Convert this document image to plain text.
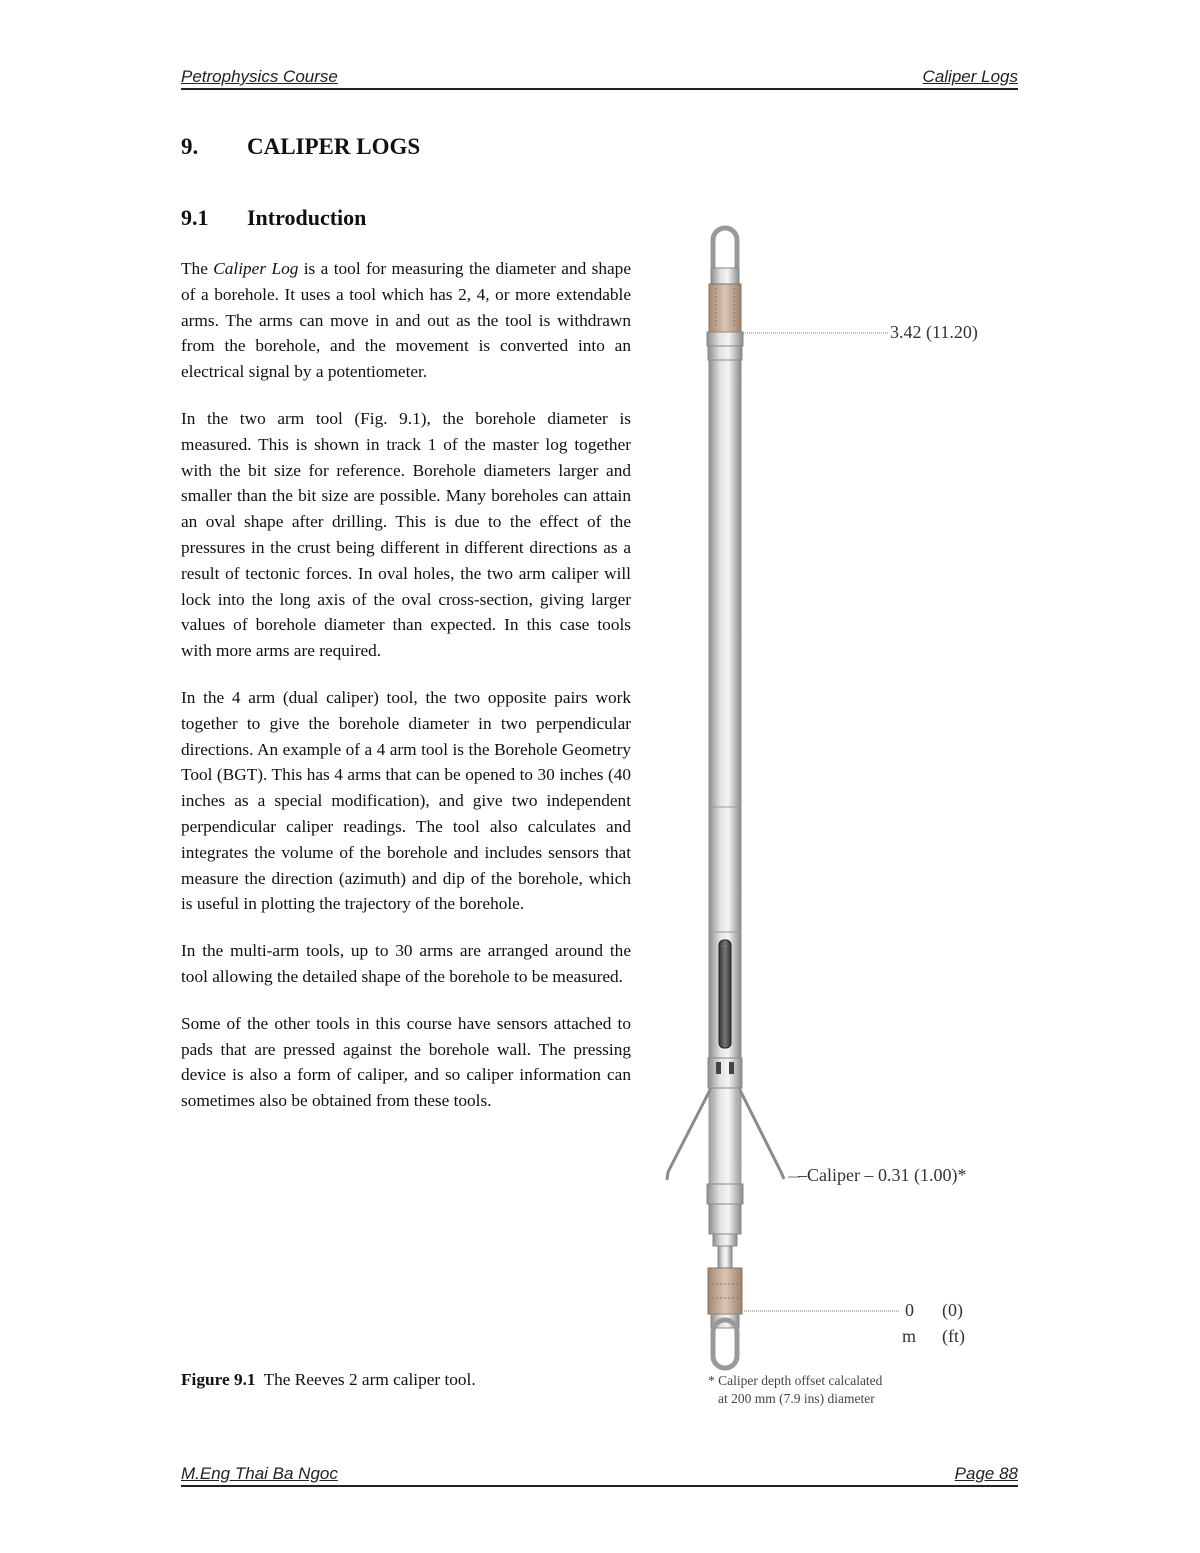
Petrophysics Course	Caliper Logs
9. CALIPER LOGS
9.1 Introduction

The Caliper Log is a tool for measuring the diameter and shape of a borehole. It uses a tool which has 2, 4, or more extendable arms. The arms can move in and out as the tool is withdrawn from the borehole, and the movement is converted into an electrical signal by a potentiometer.

In the two arm tool (Fig. 9.1), the borehole diameter is measured. This is shown in track 1 of the master log together with the bit size for reference. Borehole diameters larger and smaller than the bit size are possible. Many boreholes can attain an oval shape after drilling. This is due to the effect of the pressures in the crust being different in different directions as a result of tectonic forces. In oval holes, the two arm caliper will lock into the long axis of the oval cross-section, giving larger values of borehole diameter than expected. In this case tools with more arms are required.

In the 4 arm (dual caliper) tool, the two opposite pairs work together to give the borehole diameter in two perpendicular directions. An example of a 4 arm tool is the Borehole Geometry Tool (BGT). This has 4 arms that can be opened to 30 inches (40 inches as a special modification), and give two independent perpendicular caliper readings. The tool also calculates and integrates the volume of the borehole and includes sensors that measure the direction (azimuth) and dip of the borehole, which is useful in plotting the trajectory of the borehole.

In the multi-arm tools, up to 30 arms are arranged around the tool allowing the detailed shape of the borehole to be measured.

Some of the other tools in this course have sensors attached to pads that are pressed against the borehole wall. The pressing device is also a form of caliper, and so caliper information can sometimes also be obtained from these tools.

Figure 9.1 The Reeves 2 arm caliper tool.
3.42 (11.20)
–Caliper – 0.31 (1.00)*
0 (0)
m (ft)
* Caliper depth offset calcalated
at 200 mm (7.9 ins) diameter
M.Eng Thai Ba Ngoc	Page 88
